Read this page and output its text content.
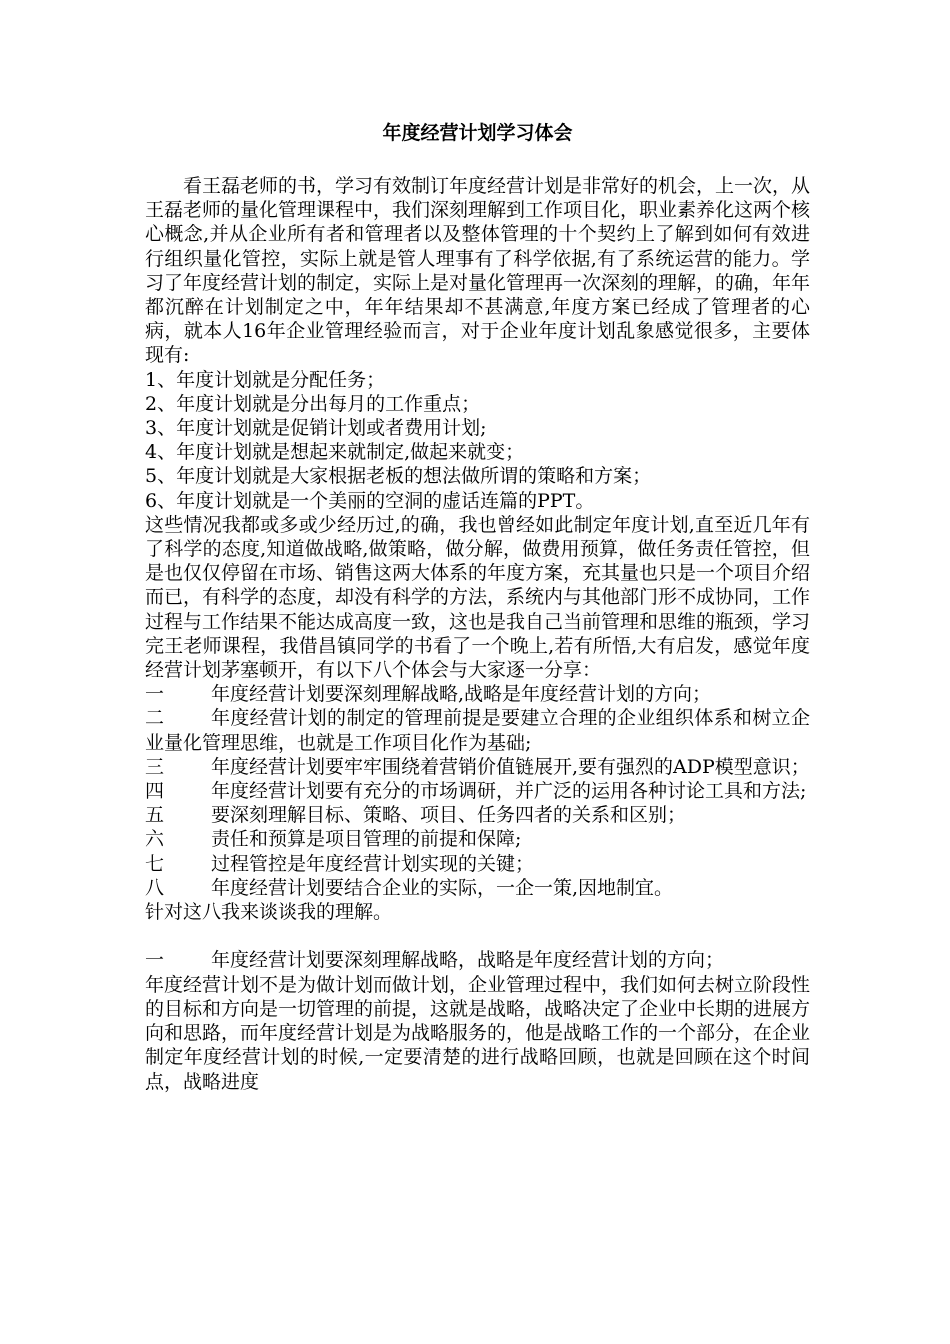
年度经营计划学习体会

看王磊老师的书，学习有效制订年度经营计划是非常好的机会，上一次，从王磊老师的量化管理课程中，我们深刻理解到工作项目化，职业素养化这两个核心概念,并从企业所有者和管理者以及整体管理的十个契约上了解到如何有效进行组织量化管控，实际上就是管人理事有了科学依据,有了系统运营的能力。学习了年度经营计划的制定，实际上是对量化管理再一次深刻的理解，的确，年年都沉醉在计划制定之中，年年结果却不甚满意,年度方案已经成了管理者的心病，就本人16年企业管理经验而言，对于企业年度计划乱象感觉很多，主要体现有:

1、年度计划就是分配任务；
2、年度计划就是分出每月的工作重点；
3、年度计划就是促销计划或者费用计划;
4、年度计划就是想起来就制定,做起来就变；
5、年度计划就是大家根据老板的想法做所谓的策略和方案；
6、年度计划就是一个美丽的空洞的虚话连篇的PPT。

这些情况我都或多或少经历过,的确，我也曾经如此制定年度计划,直至近几年有了科学的态度,知道做战略,做策略，做分解，做费用预算，做任务责任管控，但是也仅仅停留在市场、销售这两大体系的年度方案，充其量也只是一个项目介绍而已，有科学的态度，却没有科学的方法，系统内与其他部门形不成协同，工作过程与工作结果不能达成高度一致，这也是我自己当前管理和思维的瓶颈，学习完王老师课程，我借昌镇同学的书看了一个晚上,若有所悟,大有启发，感觉年度经营计划茅塞顿开，有以下八个体会与大家逐一分享：

一	年度经营计划要深刻理解战略,战略是年度经营计划的方向；
二	年度经营计划的制定的管理前提是要建立合理的企业组织体系和树立企业量化管理思维，也就是工作项目化作为基础;
三	年度经营计划要牢牢围绕着营销价值链展开,要有强烈的ADP模型意识；
四	年度经营计划要有充分的市场调研，并广泛的运用各种讨论工具和方法;
五	要深刻理解目标、策略、项目、任务四者的关系和区别；
六	责任和预算是项目管理的前提和保障;
七	过程管控是年度经营计划实现的关键；
八	年度经营计划要结合企业的实际，一企一策,因地制宜。

针对这八我来谈谈我的理解。

一	年度经营计划要深刻理解战略，战略是年度经营计划的方向；

年度经营计划不是为做计划而做计划，企业管理过程中，我们如何去树立阶段性的目标和方向是一切管理的前提，这就是战略，战略决定了企业中长期的进展方向和思路，而年度经营计划是为战略服务的，他是战略工作的一个部分，在企业制定年度经营计划的时候,一定要清楚的进行战略回顾，也就是回顾在这个时间点，战略进度
